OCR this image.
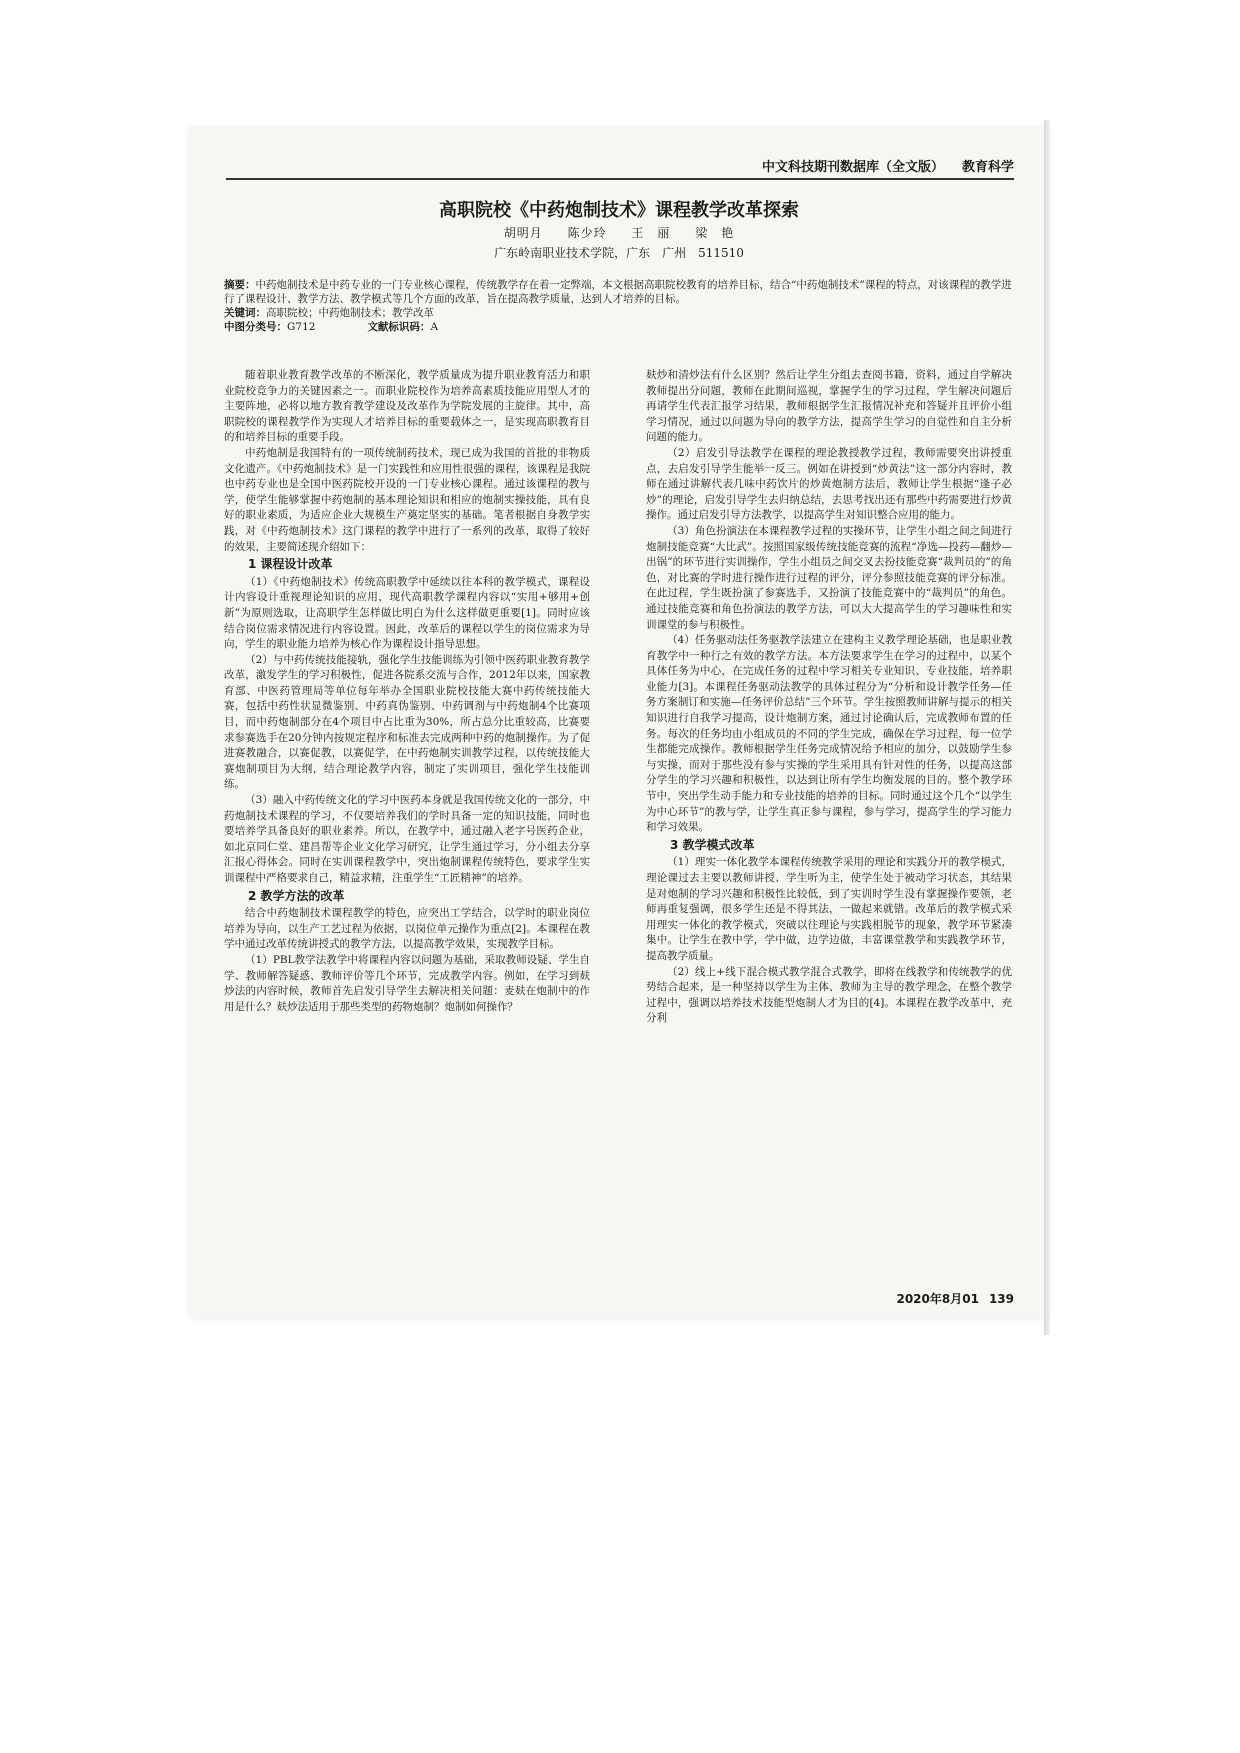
中文科技期刊数据库（全文版） 教育科学
高职院校《中药炮制技术》课程教学改革探索
胡明月 陈少玲 王　丽 梁　艳
广东岭南职业技术学院，广东　广州　511510

摘要：中药炮制技术是中药专业的一门专业核心课程，传统教学存在着一定弊端，本文根据高职院校教育的培养目标，结合“中药炮制技术”课程的特点，对该课程的教学进行了课程设计、教学方法、教学模式等几个方面的改革，旨在提高教学质量，达到人才培养的目标。

关键词：高职院校；中药炮制技术；教学改革

中图分类号：G712	文献标识码：A

随着职业教育教学改革的不断深化，教学质量成为提升职业教育活力和职业院校竞争力的关键因素之一。而职业院校作为培养高素质技能应用型人才的主要阵地，必将以地方教育教学建设及改革作为学院发展的主旋律。其中，高职院校的课程教学作为实现人才培养目标的重要载体之一，是实现高职教育目的和培养目标的重要手段。

中药炮制是我国特有的一项传统制药技术，现已成为我国的首批的非物质文化遗产。《中药炮制技术》是一门实践性和应用性很强的课程，该课程是我院也中药专业也是全国中医药院校开设的一门专业核心课程。通过该课程的教与学，使学生能够掌握中药炮制的基本理论知识和相应的炮制实操技能，具有良好的职业素质，为适应企业大规模生产奠定坚实的基础。笔者根据自身教学实践，对《中药炮制技术》这门课程的教学中进行了一系列的改革，取得了较好的效果，主要简述现介绍如下：

1 课程设计改革

（1）《中药炮制技术》传统高职教学中延续以往本科的教学模式，课程设计内容设计重视理论知识的应用，现代高职教学课程内容以“实用+够用+创新”为原则选取，让高职学生怎样做比明白为什么这样做更重要[1]。同时应该结合岗位需求情况进行内容设置。因此，改革后的课程以学生的岗位需求为导向，学生的职业能力培养为核心作为课程设计指导思想。

（2）与中药传统技能接轨，强化学生技能训练为引领中医药职业教育教学改革，激发学生的学习积极性，促进各院系交流与合作，2012年以来，国家教育部、中医药管理局等单位每年举办全国职业院校技能大赛中药传统技能大赛，包括中药性状显微鉴别、中药真伪鉴别、中药调剂与中药炮制4个比赛项目，而中药炮制部分在4个项目中占比重为30%，所占总分比重较高，比赛要求参赛选手在20分钟内按规定程序和标准去完成两种中药的炮制操作。为了促进赛教融合，以赛促教，以赛促学，在中药炮制实训教学过程，以传统技能大赛炮制项目为大纲，结合理论教学内容，制定了实训项目，强化学生技能训练。

（3）融入中药传统文化的学习中医药本身就是我国传统文化的一部分，中药炮制技术课程的学习，不仅要培养我们的学时具备一定的知识技能，同时也要培养学具备良好的职业素养。所以，在教学中，通过融入老字号医药企业，如北京同仁堂、建昌帮等企业文化学习研究，让学生通过学习，分小组去分享汇报心得体会。同时在实训课程教学中，突出炮制课程传统特色，要求学生实训课程中严格要求自己，精益求精，注重学生“工匠精神”的培养。

2 教学方法的改革

结合中药炮制技术课程教学的特色，应突出工学结合，以学时的职业岗位培养为导向，以生产工艺过程为依据，以岗位单元操作为重点[2]。本课程在教学中通过改革传统讲授式的教学方法，以提高教学效果，实现教学目标。

（1）PBL教学法教学中将课程内容以问题为基础，采取教师设疑、学生自学、教师解答疑惑、教师评价等几个环节，完成教学内容。例如，在学习到麸炒法的内容时候，教师首先启发引导学生去解决相关问题：麦麸在炮制中的作用是什么？麸炒法适用于那些类型的药物炮制？炮制如何操作？

麸炒和清炒法有什么区别？然后让学生分组去查阅书籍，资料，通过自学解决教师提出分问题，教师在此期间巡视，掌握学生的学习过程，学生解决问题后再请学生代表汇报学习结果，教师根据学生汇报情况补充和答疑并且评价小组学习情况，通过以问题为导向的教学方法，提高学生学习的自觉性和自主分析问题的能力。

（2）启发引导法教学在课程的理论教授教学过程，教师需要突出讲授重点，去启发引导学生能举一反三。例如在讲授到“炒黄法”这一部分内容时，教师在通过讲解代表几味中药饮片的炒黄炮制方法后，教师让学生根据“逢子必炒”的理论，启发引导学生去归纳总结，去思考找出还有那些中药需要进行炒黄操作。通过启发引导方法教学，以提高学生对知识整合应用的能力。

（3）角色扮演法在本课程教学过程的实操环节，让学生小组之间之间进行炮制技能竞赛“大比武”。按照国家级传统技能竞赛的流程“净选—投药—翻炒—出锅”的环节进行实训操作，学生小组员之间交叉去扮技能竞赛“裁判员的”的角色，对比赛的学时进行操作进行过程的评分，评分参照技能竞赛的评分标准。在此过程，学生既扮演了参赛选手，又扮演了技能竞赛中的“裁判员”的角色。通过技能竞赛和角色扮演法的教学方法，可以大大提高学生的学习趣味性和实训课堂的参与积极性。

（4）任务驱动法任务驱教学法建立在建构主义教学理论基础，也是职业教育教学中一种行之有效的教学方法。本方法要求学生在学习的过程中，以某个具体任务为中心，在完成任务的过程中学习相关专业知识、专业技能，培养职业能力[3]。本课程任务驱动法教学的具体过程分为“分析和设计教学任务—任务方案制订和实施—任务评价总结”三个环节。学生按照教师讲解与提示的相关知识进行自我学习提高，设计炮制方案，通过讨论确认后，完成教师布置的任务。每次的任务均由小组成员的不同的学生完成，确保在学习过程，每一位学生都能完成操作。教师根据学生任务完成情况给予相应的加分，以鼓励学生参与实操，而对于那些没有参与实操的学生采用具有针对性的任务，以提高这部分学生的学习兴趣和积极性，以达到让所有学生均衡发展的目的。整个教学环节中，突出学生动手能力和专业技能的培养的目标。同时通过这个几个“以学生为中心环节”的教与学，让学生真正参与课程，参与学习，提高学生的学习能力和学习效果。

3 教学模式改革

（1）理实一体化教学本课程传统教学采用的理论和实践分开的教学模式，理论课过去主要以教师讲授、学生听为主，使学生处于被动学习状态，其结果是对炮制的学习兴趣和积极性比较低，到了实训时学生没有掌握操作要领，老师再重复强调，很多学生还是不得其法，一做起来就错。改革后的教学模式采用理实一体化的教学模式，突破以往理论与实践相脱节的现象，教学环节紧凑集中。让学生在教中学，学中做，边学边做，丰富课堂教学和实践教学环节，提高教学质量。

（2）线上+线下混合模式教学混合式教学，即将在线教学和传统教学的优势结合起来，是一种坚持以学生为主体、教师为主导的教学理念，在整个教学过程中，强调以培养技术技能型炮制人才为目的[4]。本课程在教学改革中，充分利

2020年8月01 139
